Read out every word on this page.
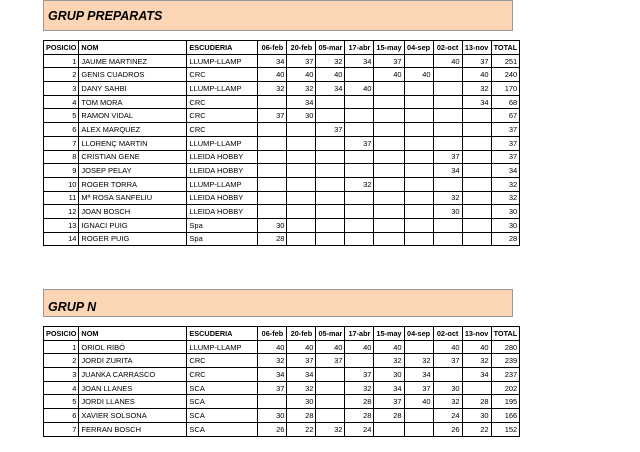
GRUP PREPARATS
POSICIO	NOM	ESCUDERIA	06-feb	20-feb	05-mar	17-abr	15-may	04-sep	02-oct	13-nov	TOTAL
1	JAUME MARTINEZ	LLUMP-LLAMP	34	37	32	34	37		40	37	251
2	GENIS CUADROS	CRC	40	40	40		40	40		40	240
3	DANY SAHBI	LLUMP-LLAMP	32	32	34	40				32	170
4	TOM MORA	CRC		34						34	68
5	RAMON VIDAL	CRC	37	30							67
6	ALEX MARQUEZ	CRC			37						37
7	LLORENÇ MARTIN	LLUMP-LLAMP				37					37
8	CRISTIAN GENE	LLEIDA HOBBY							37		37
9	JOSEP PELAY	LLEIDA HOBBY							34		34
10	ROGER TORRA	LLUMP-LLAMP				32					32
11	Mª ROSA SANFELIU	LLEIDA HOBBY							32		32
12	JOAN BOSCH	LLEIDA HOBBY							30		30
13	IGNACI PUIG	Spa	30								30
14	ROGER PUIG	Spa	28								28
GRUP N
POSICIO	NOM	ESCUDERIA	06-feb	20-feb	05-mar	17-abr	15-may	04-sep	02-oct	13-nov	TOTAL
1	ORIOL RIBÓ	LLUMP-LLAMP	40	40	40	40	40		40	40	280
2	JORDI ZURITA	CRC	32	37	37		32	32	37	32	239
3	JUANKA CARRASCO	CRC	34	34		37	30	34		34	237
4	JOAN LLANES	SCA	37	32		32	34	37	30		202
5	JORDI LLANES	SCA		30		28	37	40	32	28	195
6	XAVIER SOLSONA	SCA	30	28		28	28		24	30	166
7	FERRAN BOSCH	SCA	26	22	32	24			26	22	152
